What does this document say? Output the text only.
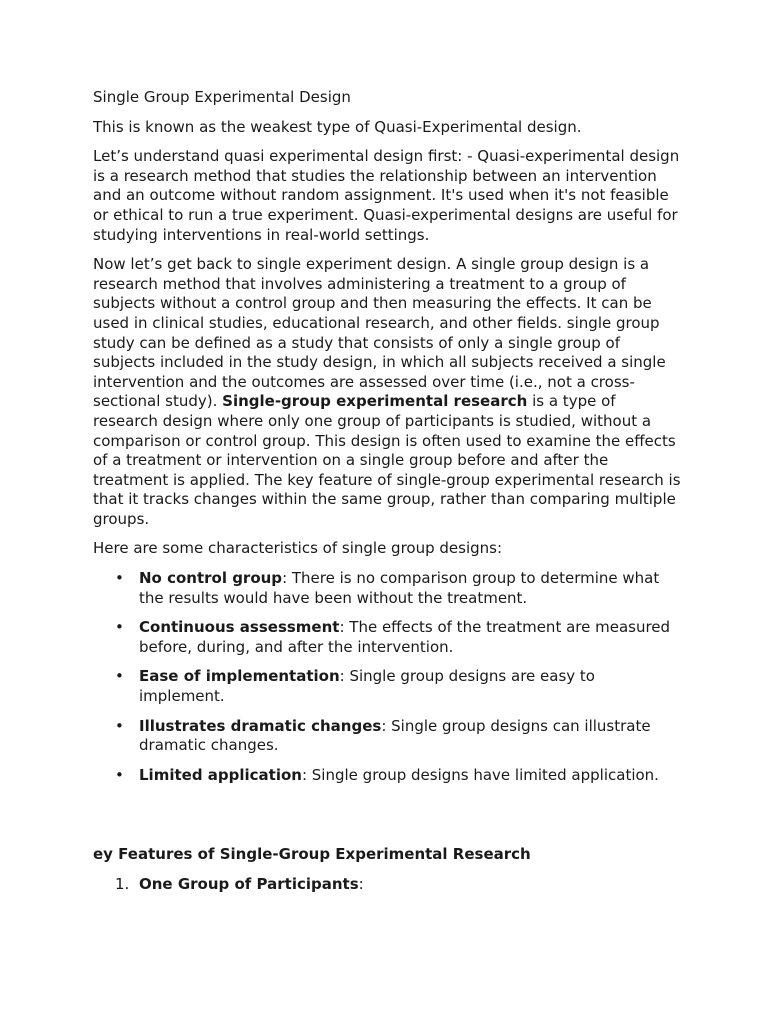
Single Group Experimental Design

This is known as the weakest type of Quasi-Experimental design.

Let’s understand quasi experimental design first: - Quasi-experimental design is a research method that studies the relationship between an intervention and an outcome without random assignment. It's used when it's not feasible or ethical to run a true experiment. Quasi-experimental designs are useful for studying interventions in real-world settings.

Now let’s get back to single experiment design. A single group design is a research method that involves administering a treatment to a group of subjects without a control group and then measuring the effects. It can be used in clinical studies, educational research, and other fields. single group study can be defined as a study that consists of only a single group of subjects included in the study design, in which all subjects received a single intervention and the outcomes are assessed over time (i.e., not a cross-sectional study). Single-group experimental research is a type of research design where only one group of participants is studied, without a comparison or control group. This design is often used to examine the effects of a treatment or intervention on a single group before and after the treatment is applied. The key feature of single-group experimental research is that it tracks changes within the same group, rather than comparing multiple groups.

Here are some characteristics of single group designs:

• No control group: There is no comparison group to determine what the results would have been without the treatment.
• Continuous assessment: The effects of the treatment are measured before, during, and after the intervention.
• Ease of implementation: Single group designs are easy to implement.
• Illustrates dramatic changes: Single group designs can illustrate dramatic changes.
• Limited application: Single group designs have limited application.

ey Features of Single-Group Experimental Research

1. One Group of Participants:
